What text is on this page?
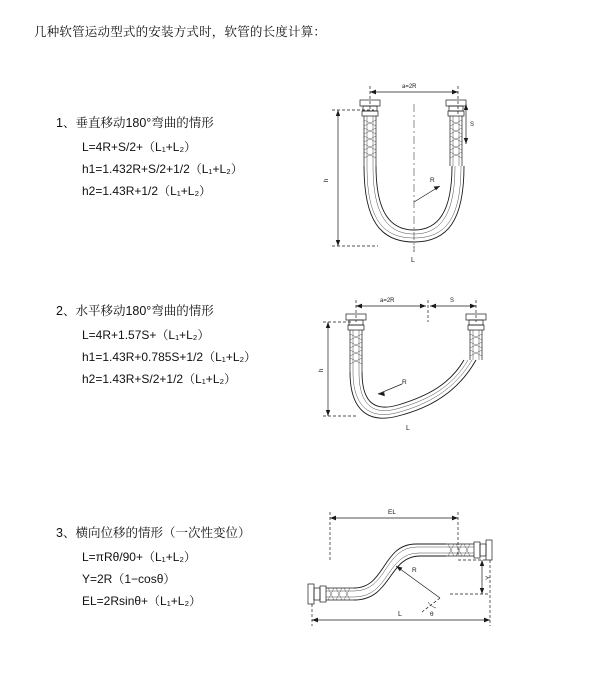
几种软管运动型式的安装方式时，软管的长度计算：
1、垂直移动180°弯曲的情形
L=4R+S/2+（L₁+L₂）
h1=1.432R+S/2+1/2（L₁+L₂）
h2=1.43R+1/2（L₁+L₂）
a=2R
S
h	R
L
2、水平移动180°弯曲的情形
L=4R+1.57S+（L₁+L₂）
h1=1.43R+0.785S+1/2（L₁+L₂）
h2=1.43R+S/2+1/2（L₁+L₂）
a=2R	S
h
R
L
3、横向位移的情形（一次性变位）
L=πRθ/90+（L₁+L₂）
Y=2R（1−cosθ）
EL=2Rsinθ+（L₁+L₂）
EL
Y
R
θ
L
